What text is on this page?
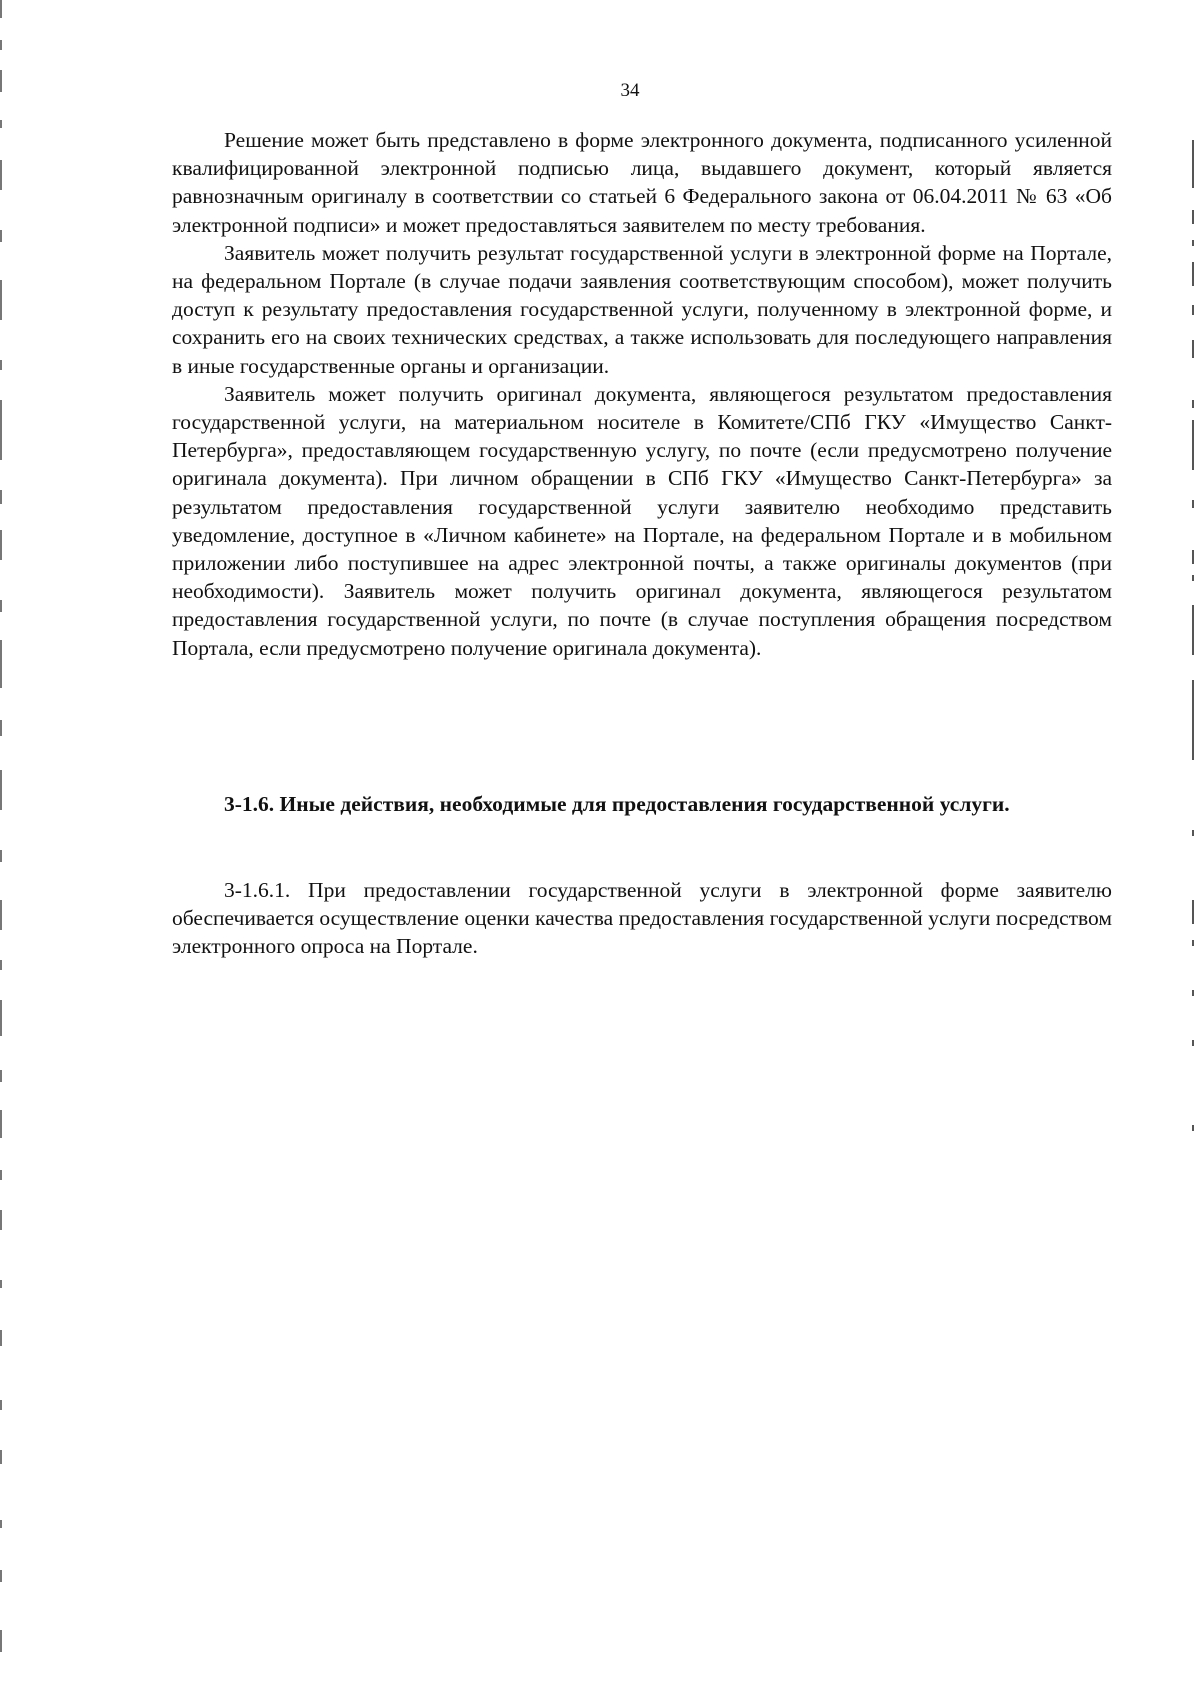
34

Решение может быть представлено в форме электронного документа, подписанного усиленной квалифицированной электронной подписью лица, выдавшего документ, который является равнозначным оригиналу в соответствии со статьей 6 Федерального закона от 06.04.2011 № 63 «Об электронной подписи» и может предоставляться заявителем по месту требования.

Заявитель может получить результат государственной услуги в электронной форме на Портале, на федеральном Портале (в случае подачи заявления соответствующим способом), может получить доступ к результату предоставления государственной услуги, полученному в электронной форме, и сохранить его на своих технических средствах, а также использовать для последующего направления в иные государственные органы и организации.

Заявитель может получить оригинал документа, являющегося результатом предоставления государственной услуги, на материальном носителе в Комитете/СПб ГКУ «Имущество Санкт-Петербурга», предоставляющем государственную услугу, по почте (если предусмотрено получение оригинала документа). При личном обращении в СПб ГКУ «Имущество Санкт-Петербурга» за результатом предоставления государственной услуги заявителю необходимо представить уведомление, доступное в «Личном кабинете» на Портале, на федеральном Портале и в мобильном приложении либо поступившее на адрес электронной почты, а также оригиналы документов (при необходимости). Заявитель может получить оригинал документа, являющегося результатом предоставления государственной услуги, по почте (в случае поступления обращения посредством Портала, если предусмотрено получение оригинала документа).

3-1.6. Иные действия, необходимые для предоставления государственной услуги.

3-1.6.1. При предоставлении государственной услуги в электронной форме заявителю обеспечивается осуществление оценки качества предоставления государственной услуги посредством электронного опроса на Портале.
